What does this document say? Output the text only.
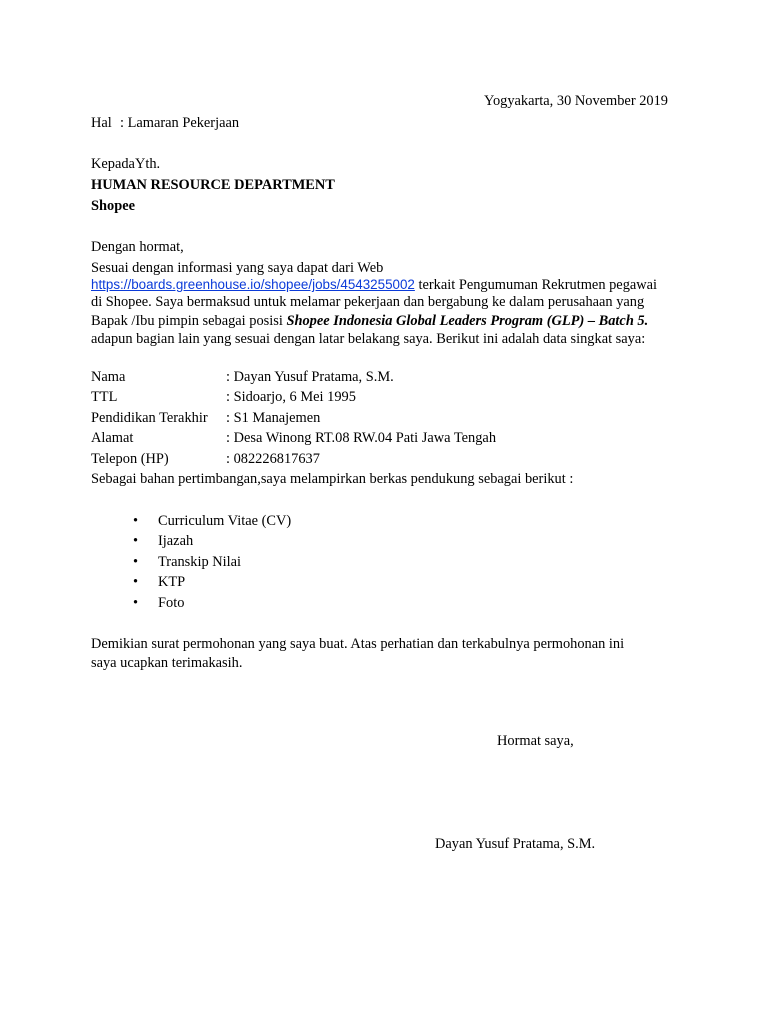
Yogyakarta, 30 November 2019
Hal : Lamaran Pekerjaan
KepadaYth.
HUMAN RESOURCE DEPARTMENT
Shopee
Dengan hormat,
Sesuai dengan informasi yang saya dapat dari Web
https://boards.greenhouse.io/shopee/jobs/4543255002 terkait Pengumuman Rekrutmen pegawai
di Shopee. Saya bermaksud untuk melamar pekerjaan dan bergabung ke dalam perusahaan yang
Bapak /Ibu pimpin sebagai posisi Shopee Indonesia Global Leaders Program (GLP) – Batch 5.
adapun bagian lain yang sesuai dengan latar belakang saya. Berikut ini adalah data singkat saya:
Nama	: Dayan Yusuf Pratama, S.M.
TTL	: Sidoarjo, 6 Mei 1995
Pendidikan Terakhir : S1 Manajemen
Alamat	: Desa Winong RT.08 RW.04 Pati Jawa Tengah
Telepon (HP)	: 082226817637
Sebagai bahan pertimbangan,saya melampirkan berkas pendukung sebagai berikut :
• Curriculum Vitae (CV)
• Ijazah
• Transkip Nilai
• KTP
• Foto
Demikian surat permohonan yang saya buat. Atas perhatian dan terkabulnya permohonan ini
saya ucapkan terimakasih.
Hormat saya,
Dayan Yusuf Pratama, S.M.
